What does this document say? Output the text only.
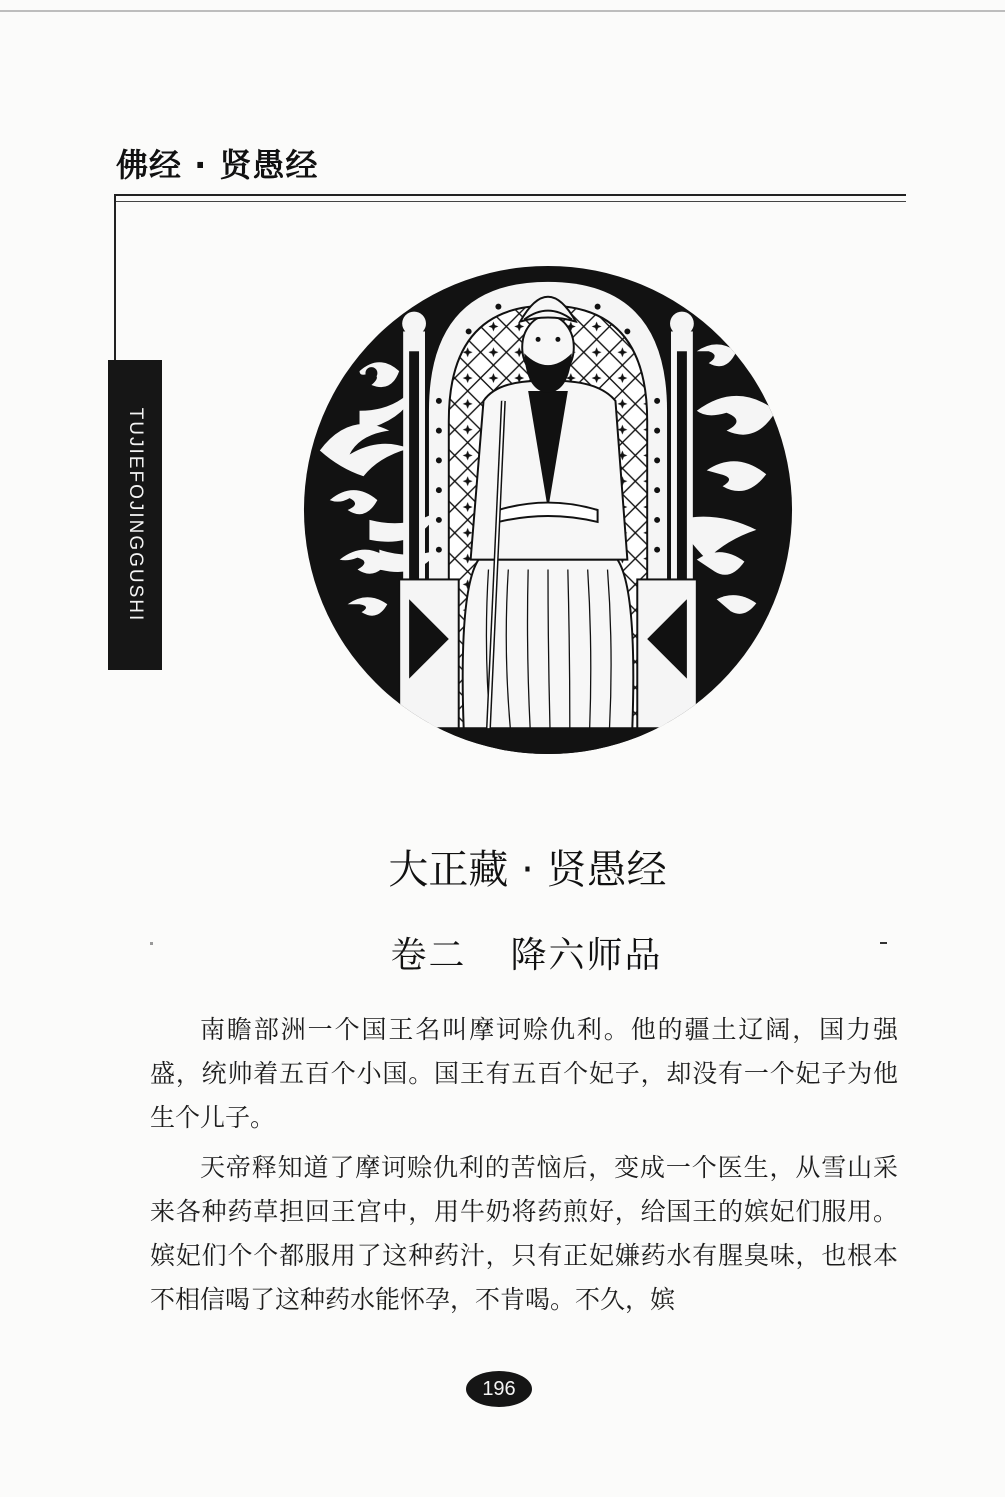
佛经 · 贤愚经
TUJIEFOJINGGUSHI
大正藏 · 贤愚经
卷二 降六师品

南瞻部洲一个国王名叫摩诃赊仇利。他的疆土辽阔，国力强盛，统帅着五百个小国。国王有五百个妃子，却没有一个妃子为他生个儿子。

天帝释知道了摩诃赊仇利的苦恼后，变成一个医生，从雪山采来各种药草担回王宫中，用牛奶将药煎好，给国王的嫔妃们服用。嫔妃们个个都服用了这种药汁，只有正妃嫌药水有腥臭味，也根本不相信喝了这种药水能怀孕，不肯喝。不久，嫔

196
